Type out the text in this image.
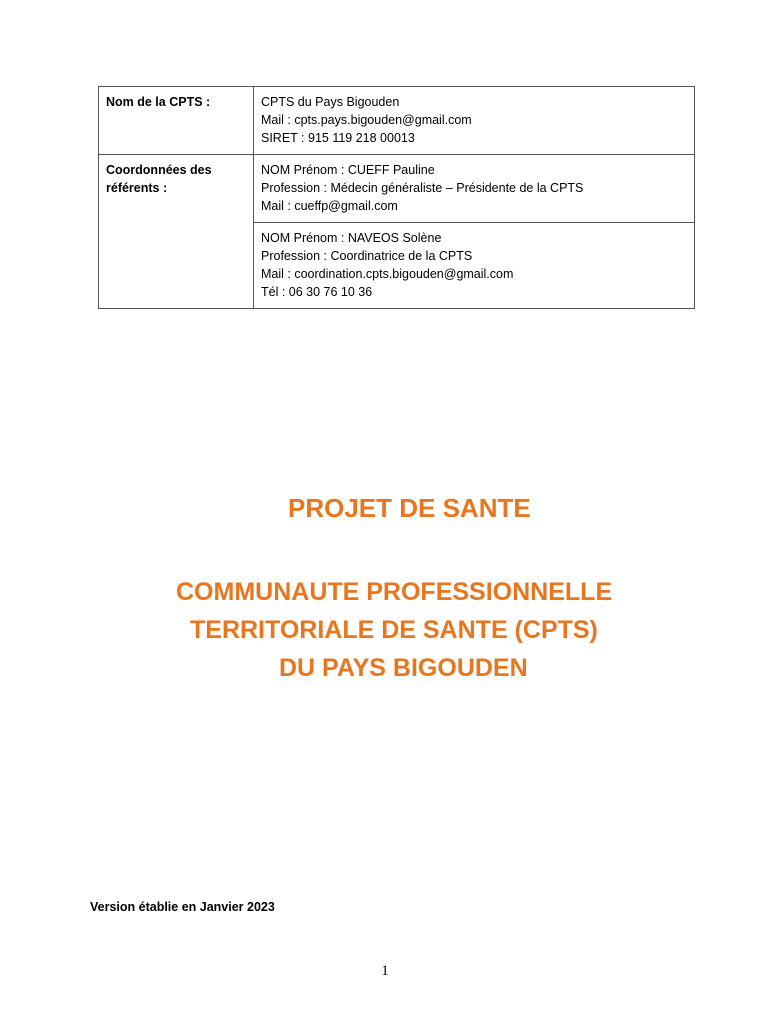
Nom de la CPTS :	CPTS du Pays Bigouden
Mail : cpts.pays.bigouden@gmail.com
SIRET : 915 119 218 00013

Coordonnées des référents :	NOM Prénom : CUEFF Pauline
Profession : Médecin généraliste – Présidente de la CPTS
Mail : cueffp@gmail.com

	NOM Prénom : NAVEOS Solène
Profession : Coordinatrice de la CPTS
Mail : coordination.cpts.bigouden@gmail.com
Tél : 06 30 76 10 36
PROJET DE SANTE
COMMUNAUTE PROFESSIONNELLE
TERRITORIALE DE SANTE (CPTS)
DU PAYS BIGOUDEN
Version établie en Janvier 2023
1
